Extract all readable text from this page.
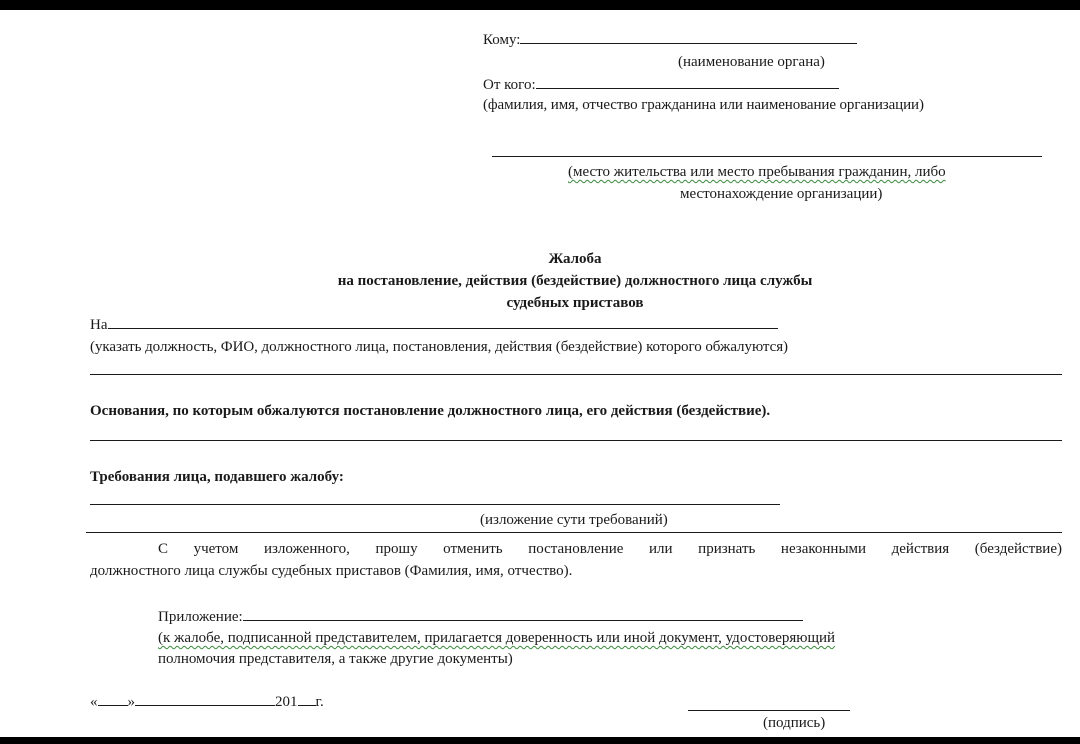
Кому:
(наименование органа)
От кого:
(фамилия, имя, отчество гражданина или наименование организации)
(место жительства или место пребывания гражданин, либо
местонахождение организации)
Жалоба
на постановление, действия (бездействие) должностного лица службы
судебных приставов
На
(указать должность, ФИО, должностного лица, постановления, действия (бездействие) которого обжалуются)
Основания, по которым обжалуются постановление должностного лица, его действия (бездействие).
Требования лица, подавшего жалобу:
(изложение сути требований)
С учетом изложенного, прошу отменить постановление или признать незаконными действия (бездействие)
должностного лица службы судебных приставов (Фамилия, имя, отчество).
Приложение:
(к жалобе, подписанной представителем, прилагается доверенность или иной документ, удостоверяющий
полномочия представителя, а также другие документы)
« »	201 г.
(подпись)
